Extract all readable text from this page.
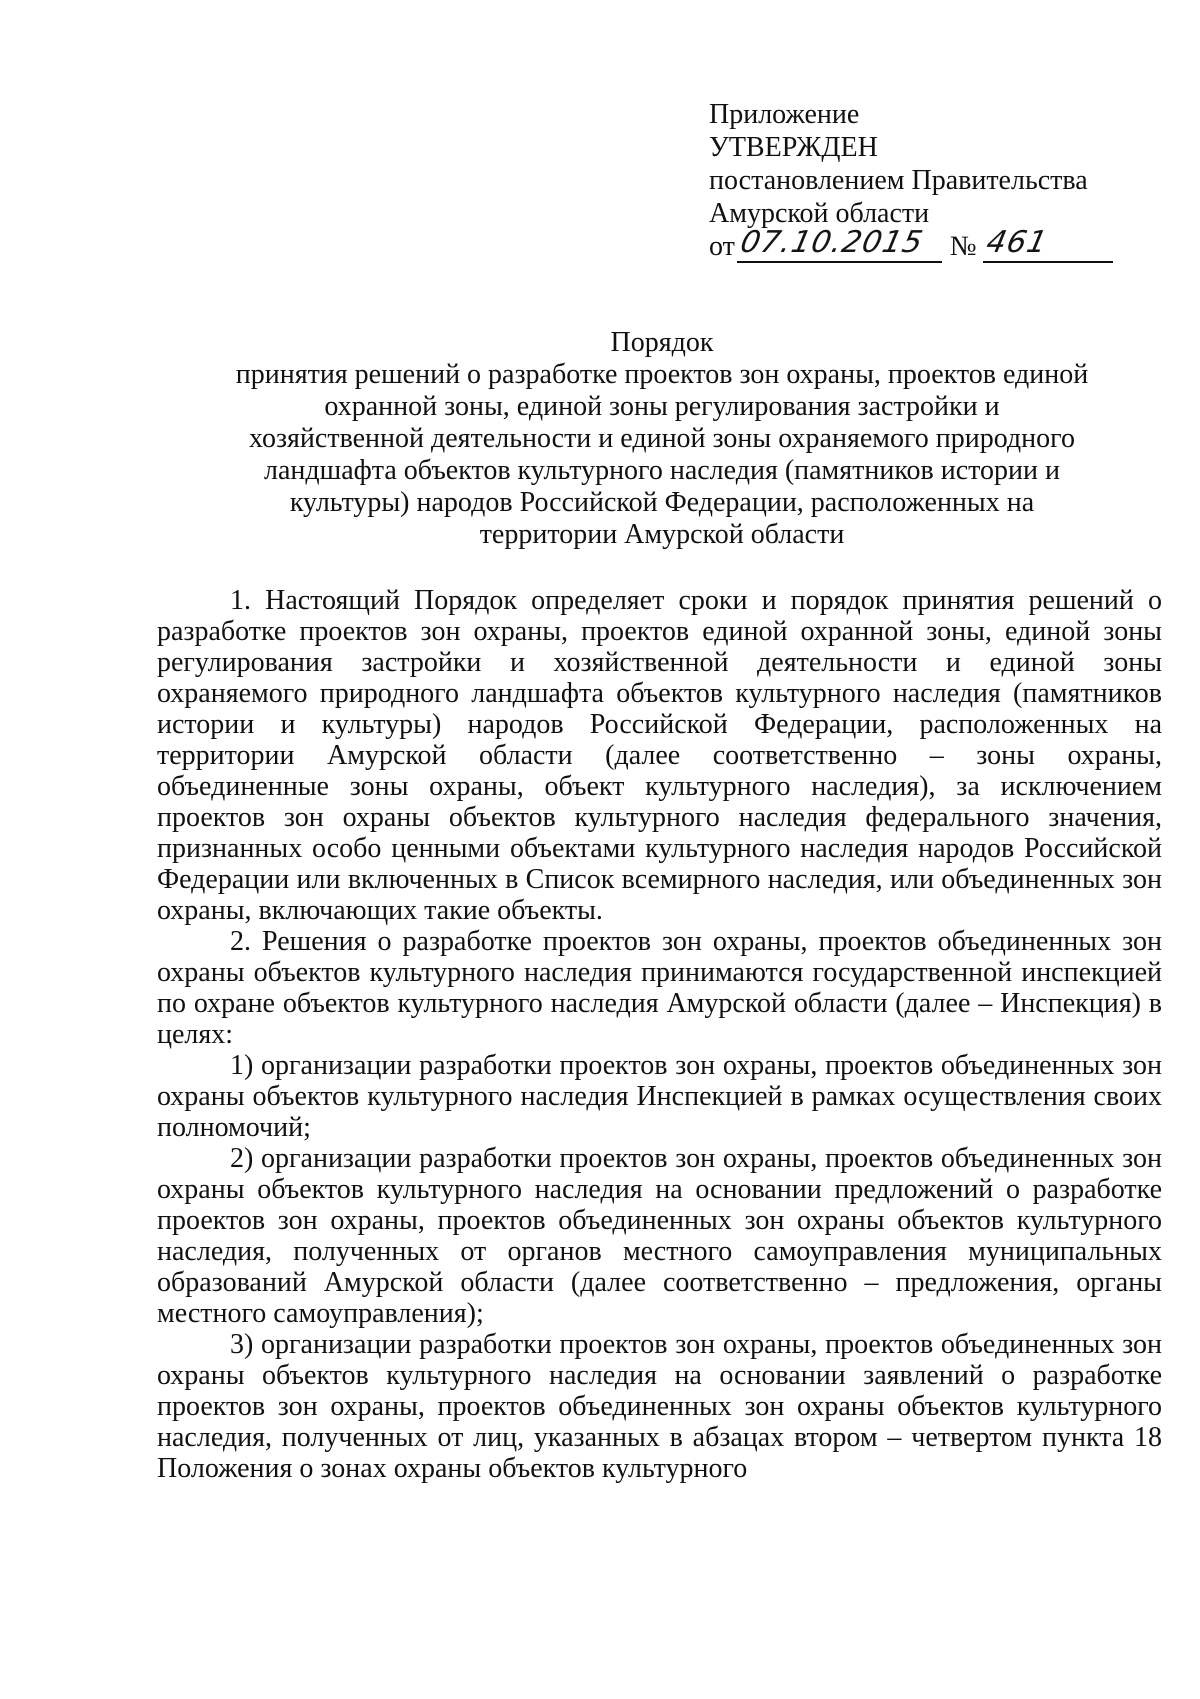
Приложение
УТВЕРЖДЕН
постановлением Правительства
Амурской области
от 07.10.2015 № 461
Порядок
принятия решений о разработке проектов зон охраны, проектов единой
охранной зоны, единой зоны регулирования застройки и
хозяйственной деятельности и единой зоны охраняемого природного
ландшафта объектов культурного наследия (памятников истории и
культуры) народов Российской Федерации, расположенных на
территории Амурской области

1. Настоящий Порядок определяет сроки и порядок принятия решений о разработке проектов зон охраны, проектов единой охранной зоны, единой зоны регулирования застройки и хозяйственной деятельности и единой зоны охраняемого природного ландшафта объектов культурного наследия (памятников истории и культуры) народов Российской Федерации, расположенных на территории Амурской области (далее соответственно – зоны охраны, объединенные зоны охраны, объект культурного наследия), за исключением проектов зон охраны объектов культурного наследия федерального значения, признанных особо ценными объектами культурного наследия народов Российской Федерации или включенных в Список всемирного наследия, или объединенных зон охраны, включающих такие объекты.

2. Решения о разработке проектов зон охраны, проектов объединенных зон охраны объектов культурного наследия принимаются государственной инспекцией по охране объектов культурного наследия Амурской области (далее – Инспекция) в целях:

1) организации разработки проектов зон охраны, проектов объединенных зон охраны объектов культурного наследия Инспекцией в рамках осуществления своих полномочий;

2) организации разработки проектов зон охраны, проектов объединенных зон охраны объектов культурного наследия на основании предложений о разработке проектов зон охраны, проектов объединенных зон охраны объектов культурного наследия, полученных от органов местного самоуправления муниципальных образований Амурской области (далее соответственно – предложения, органы местного самоуправления);

3) организации разработки проектов зон охраны, проектов объединенных зон охраны объектов культурного наследия на основании заявлений о разработке проектов зон охраны, проектов объединенных зон охраны объектов культурного наследия, полученных от лиц, указанных в абзацах втором – четвертом пункта 18 Положения о зонах охраны объектов культурного
